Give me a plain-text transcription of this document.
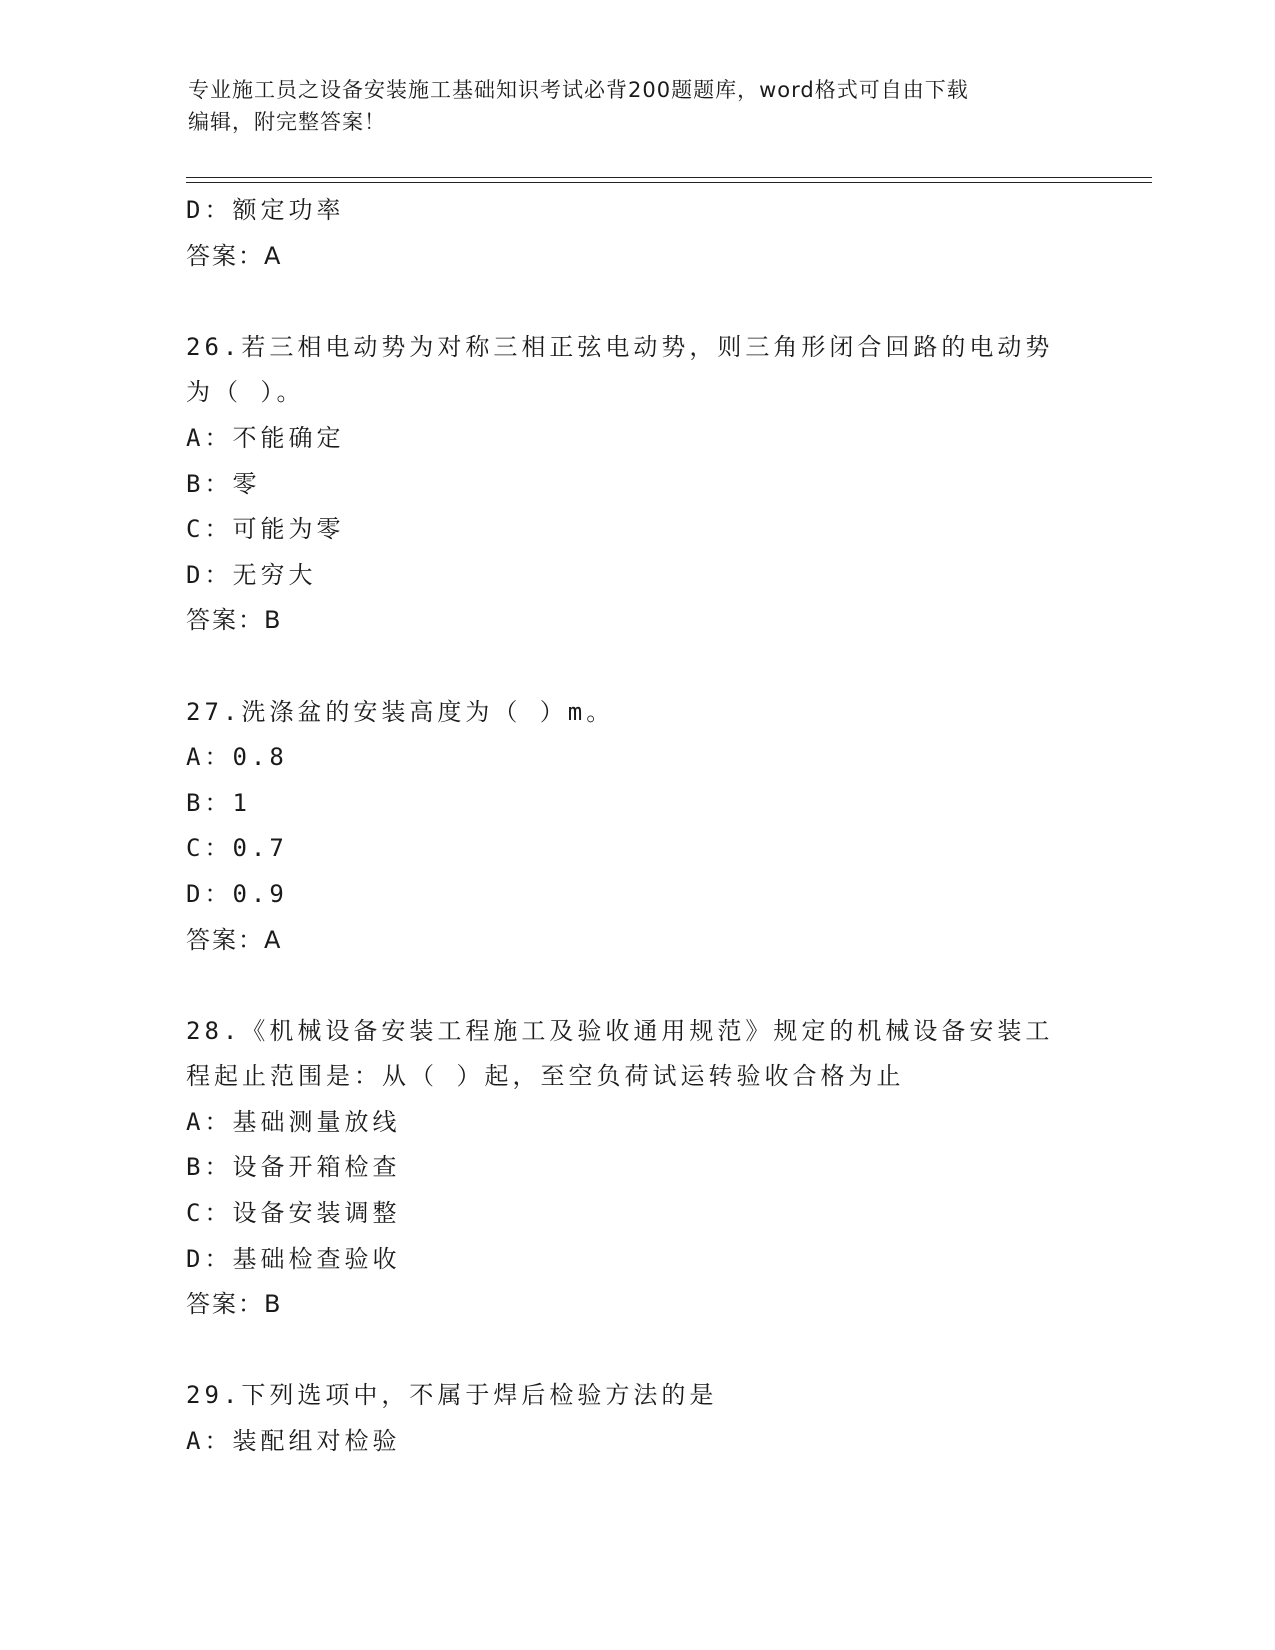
专业施工员之设备安装施工基础知识考试必背200题题库，word格式可自由下载
编辑，附完整答案！
D：额定功率
答案：A
26.若三相电动势为对称三相正弦电动势，则三角形闭合回路的电动势
为（ ）。
A：不能确定
B：零
C：可能为零
D：无穷大
答案：B
27.洗涤盆的安装高度为（ ）m。
A：0.8
B：1
C：0.7
D：0.9
答案：A
28.《机械设备安装工程施工及验收通用规范》规定的机械设备安装工
程起止范围是：从（ ）起，至空负荷试运转验收合格为止
A：基础测量放线
B：设备开箱检查
C：设备安装调整
D：基础检查验收
答案：B
29.下列选项中，不属于焊后检验方法的是
A：装配组对检验
